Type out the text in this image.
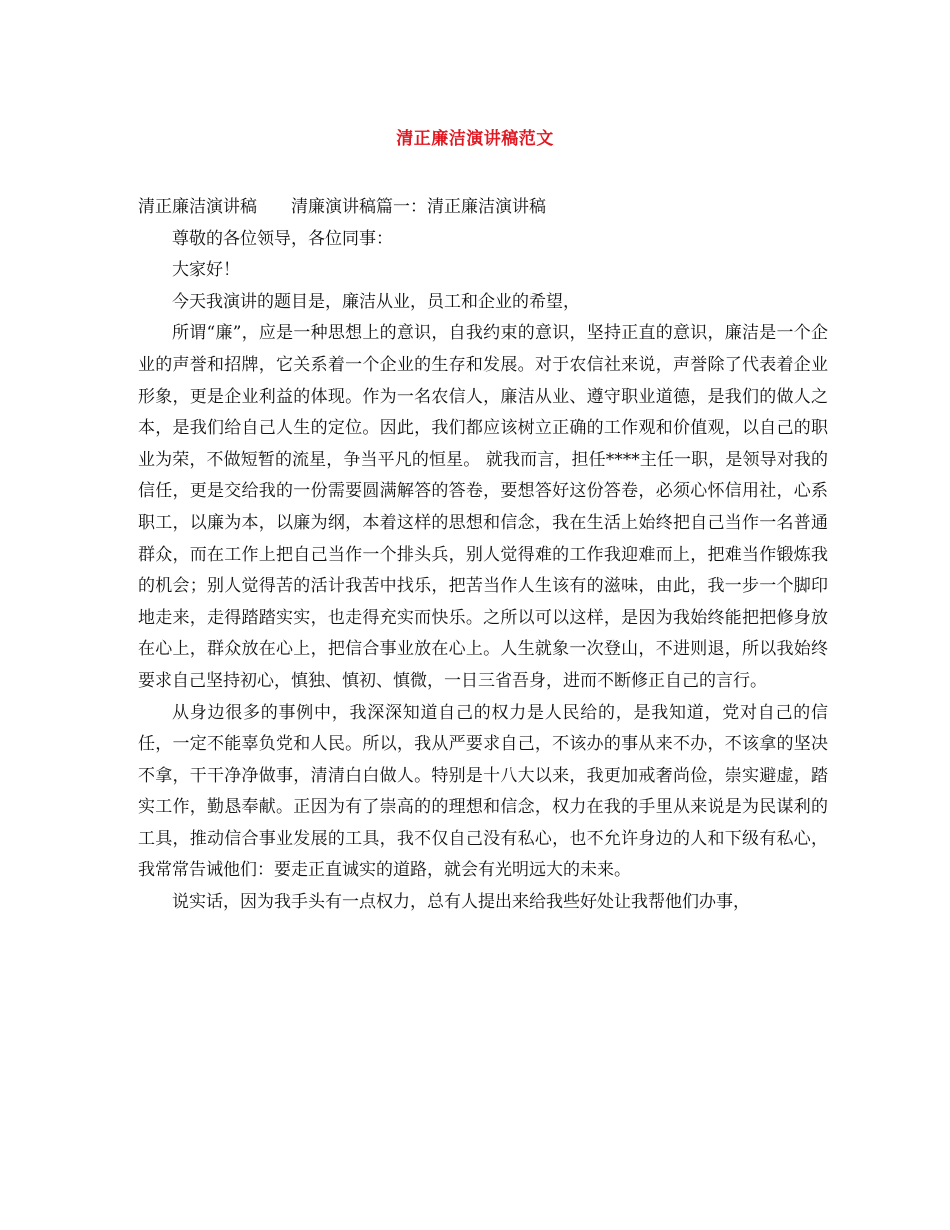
清正廉洁演讲稿范文

清正廉洁演讲稿 清廉演讲稿篇一：清正廉洁演讲稿

尊敬的各位领导，各位同事：

大家好！

今天我演讲的题目是，廉洁从业，员工和企业的希望，

所谓“廉”，应是一种思想上的意识，自我约束的意识，坚持正直的意识，廉洁是一个企业的声誉和招牌，它关系着一个企业的生存和发展。对于农信社来说，声誉除了代表着企业形象，更是企业利益的体现。作为一名农信人，廉洁从业、遵守职业道德，是我们的做人之本，是我们给自己人生的定位。因此，我们都应该树立正确的工作观和价值观，以自己的职业为荣，不做短暂的流星，争当平凡的恒星。 就我而言，担任****主任一职，是领导对我的信任，更是交给我的一份需要圆满解答的答卷，要想答好这份答卷，必须心怀信用社，心系职工，以廉为本，以廉为纲，本着这样的思想和信念，我在生活上始终把自己当作一名普通群众，而在工作上把自己当作一个排头兵，别人觉得难的工作我迎难而上，把难当作锻炼我的机会；别人觉得苦的活计我苦中找乐，把苦当作人生该有的滋味，由此，我一步一个脚印地走来，走得踏踏实实，也走得充实而快乐。之所以可以这样，是因为我始终能把把修身放在心上，群众放在心上，把信合事业放在心上。人生就象一次登山，不进则退，所以我始终要求自己坚持初心，慎独、慎初、慎微，一日三省吾身，进而不断修正自己的言行。

从身边很多的事例中，我深深知道自己的权力是人民给的，是我知道，党对自己的信任，一定不能辜负党和人民。所以，我从严要求自己，不该办的事从来不办，不该拿的坚决不拿，干干净净做事，清清白白做人。特别是十八大以来，我更加戒奢尚俭，崇实避虚，踏实工作，勤恳奉献。正因为有了崇高的的理想和信念，权力在我的手里从来说是为民谋利的工具，推动信合事业发展的工具，我不仅自己没有私心，也不允许身边的人和下级有私心，我常常告诫他们：要走正直诚实的道路，就会有光明远大的未来。

说实话，因为我手头有一点权力，总有人提出来给我些好处让我帮他们办事，
